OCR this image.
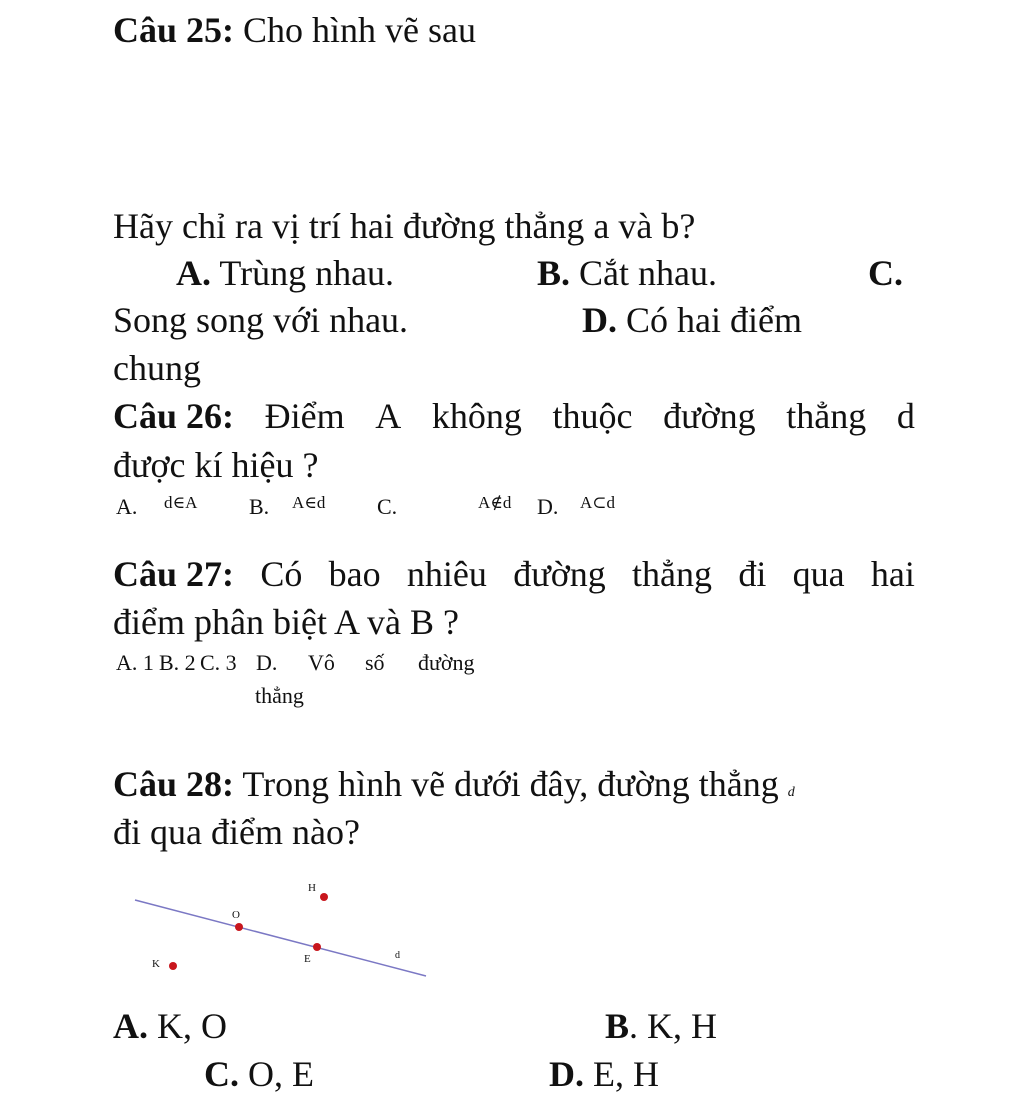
Câu 25: Cho hình vẽ sau
Hãy chỉ ra vị trí hai đường thẳng a và b?
A. Trùng nhau.	B. Cắt nhau.	C.
Song song với nhau.	D. Có hai điểm
chung
Câu 26: Điểm A không thuộc đường thẳng d
được kí hiệu ?
A. d∈A B. A∈d C.	A∉d D. A⊂d
Câu 27: Có bao nhiêu đường thẳng đi qua hai
điểm phân biệt A và B ?
A. 1 B. 2 C. 3 D. Vô số đường
thẳng
Câu 28: Trong hình vẽ dưới đây, đường thẳng d
đi qua điểm nào?
H
O
K	E	d
A. K, O	B. K, H
C. O, E	D. E, H
